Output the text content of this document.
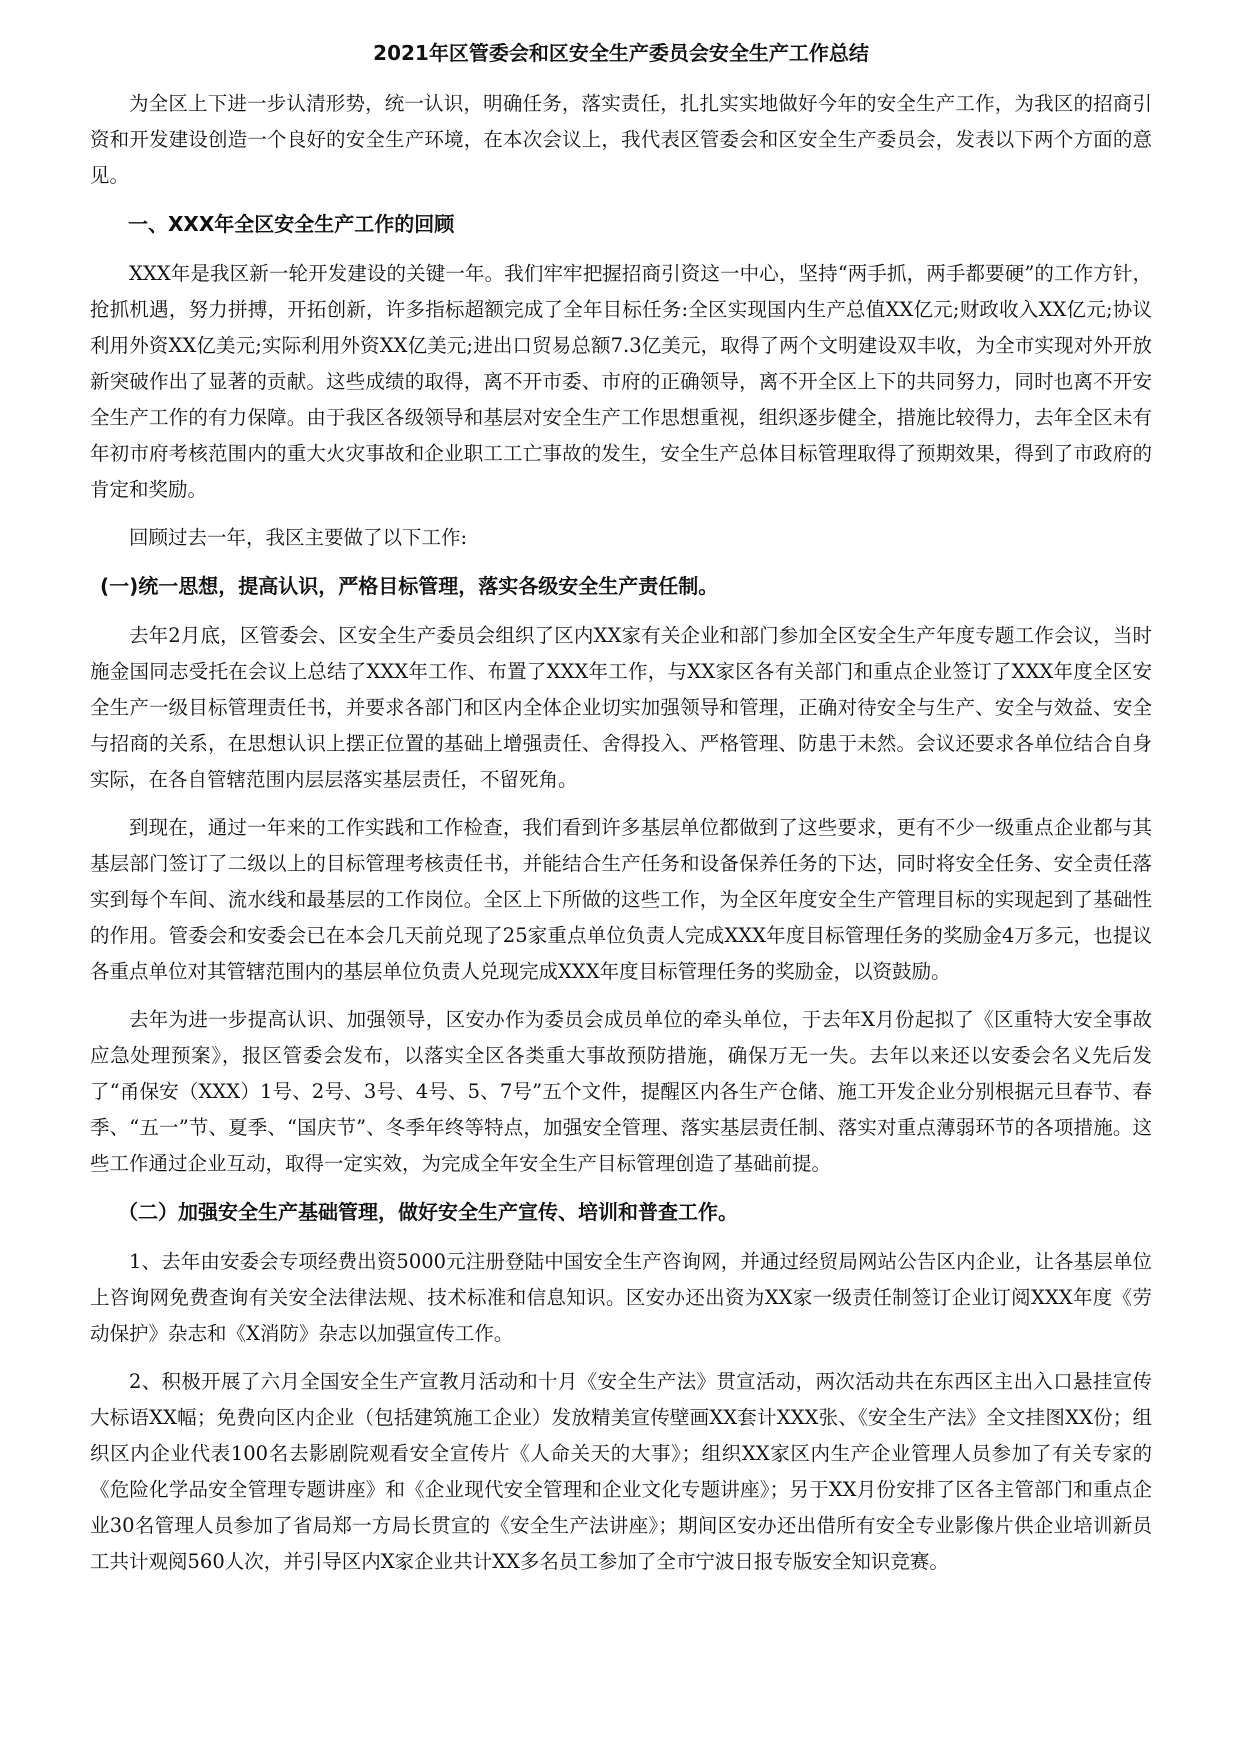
2021年区管委会和区安全生产委员会安全生产工作总结

为全区上下进一步认清形势，统一认识，明确任务，落实责任，扎扎实实地做好今年的安全生产工作，为我区的招商引资和开发建设创造一个良好的安全生产环境，在本次会议上，我代表区管委会和区安全生产委员会，发表以下两个方面的意见。

一、XXX年全区安全生产工作的回顾

XXX年是我区新一轮开发建设的关键一年。我们牢牢把握招商引资这一中心，坚持“两手抓，两手都要硬”的工作方针，抢抓机遇，努力拼搏，开拓创新，许多指标超额完成了全年目标任务:全区实现国内生产总值XX亿元;财政收入XX亿元;协议利用外资XX亿美元;实际利用外资XX亿美元;进出口贸易总额7.3亿美元，取得了两个文明建设双丰收，为全市实现对外开放新突破作出了显著的贡献。这些成绩的取得，离不开市委、市府的正确领导，离不开全区上下的共同努力，同时也离不开安全生产工作的有力保障。由于我区各级领导和基层对安全生产工作思想重视，组织逐步健全，措施比较得力，去年全区未有年初市府考核范围内的重大火灾事故和企业职工工亡事故的发生，安全生产总体目标管理取得了预期效果，得到了市政府的肯定和奖励。

回顾过去一年，我区主要做了以下工作:

(一)统一思想，提高认识，严格目标管理，落实各级安全生产责任制。

去年2月底，区管委会、区安全生产委员会组织了区内XX家有关企业和部门参加全区安全生产年度专题工作会议，当时施金国同志受托在会议上总结了XXX年工作、布置了XXX年工作，与XX家区各有关部门和重点企业签订了XXX年度全区安全生产一级目标管理责任书，并要求各部门和区内全体企业切实加强领导和管理，正确对待安全与生产、安全与效益、安全与招商的关系，在思想认识上摆正位置的基础上增强责任、舍得投入、严格管理、防患于未然。会议还要求各单位结合自身实际，在各自管辖范围内层层落实基层责任，不留死角。

到现在，通过一年来的工作实践和工作检查，我们看到许多基层单位都做到了这些要求，更有不少一级重点企业都与其基层部门签订了二级以上的目标管理考核责任书，并能结合生产任务和设备保养任务的下达，同时将安全任务、安全责任落实到每个车间、流水线和最基层的工作岗位。全区上下所做的这些工作，为全区年度安全生产管理目标的实现起到了基础性的作用。管委会和安委会已在本会几天前兑现了25家重点单位负责人完成XXX年度目标管理任务的奖励金4万多元，也提议各重点单位对其管辖范围内的基层单位负责人兑现完成XXX年度目标管理任务的奖励金，以资鼓励。

去年为进一步提高认识、加强领导，区安办作为委员会成员单位的牵头单位，于去年X月份起拟了《区重特大安全事故应急处理预案》，报区管委会发布，以落实全区各类重大事故预防措施，确保万无一失。去年以来还以安委会名义先后发了“甬保安（XXX）1号、2号、3号、4号、5、7号”五个文件，提醒区内各生产仓储、施工开发企业分别根据元旦春节、春季、“五一”节、夏季、“国庆节”、冬季年终等特点，加强安全管理、落实基层责任制、落实对重点薄弱环节的各项措施。这些工作通过企业互动，取得一定实效，为完成全年安全生产目标管理创造了基础前提。

（二）加强安全生产基础管理，做好安全生产宣传、培训和普查工作。

1、去年由安委会专项经费出资5000元注册登陆中国安全生产咨询网，并通过经贸局网站公告区内企业，让各基层单位上咨询网免费查询有关安全法律法规、技术标准和信息知识。区安办还出资为XX家一级责任制签订企业订阅XXX年度《劳动保护》杂志和《X消防》杂志以加强宣传工作。

2、积极开展了六月全国安全生产宣教月活动和十月《安全生产法》贯宣活动，两次活动共在东西区主出入口悬挂宣传大标语XX幅；免费向区内企业（包括建筑施工企业）发放精美宣传壁画XX套计XXX张、《安全生产法》全文挂图XX份；组织区内企业代表100名去影剧院观看安全宣传片《人命关天的大事》；组织XX家区内生产企业管理人员参加了有关专家的《危险化学品安全管理专题讲座》和《企业现代安全管理和企业文化专题讲座》；另于XX月份安排了区各主管部门和重点企业30名管理人员参加了省局郑一方局长贯宣的《安全生产法讲座》；期间区安办还出借所有安全专业影像片供企业培训新员工共计观阅560人次，并引导区内X家企业共计XX多名员工参加了全市宁波日报专版安全知识竞赛。
